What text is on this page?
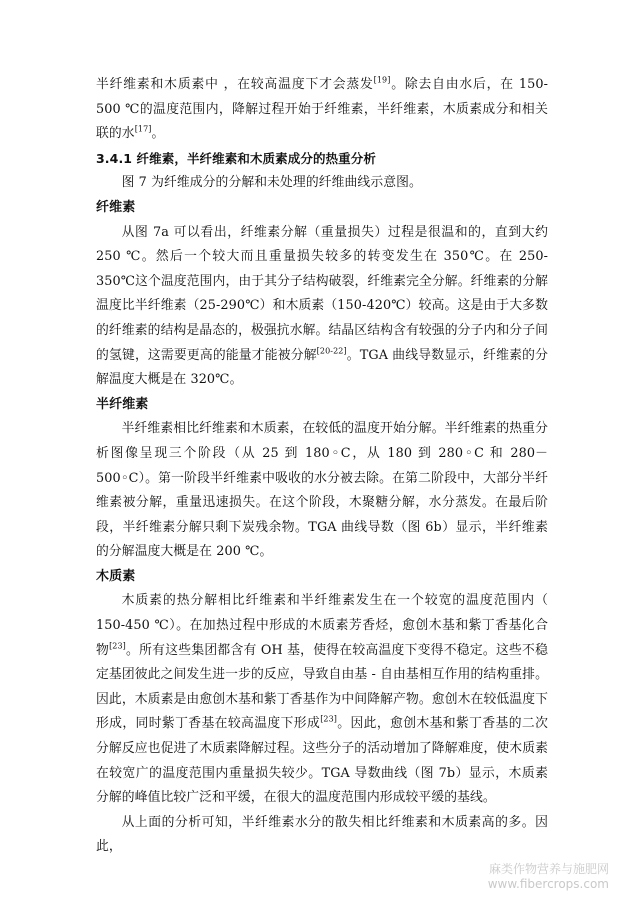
半纤维素和木质素中 ，在较高温度下才会蒸发[19]。除去自由水后，在 150-500 ℃的温度范围内，降解过程开始于纤维素，半纤维素，木质素成分和相关联的水[17]。

3.4.1 纤维素，半纤维素和木质素成分的热重分析

图 7 为纤维成分的分解和未处理的纤维曲线示意图。

纤维素

从图 7a 可以看出，纤维素分解（重量损失）过程是很温和的，直到大约 250 ℃。然后一个较大而且重量损失较多的转变发生在 350℃。在 250-350℃这个温度范围内，由于其分子结构破裂，纤维素完全分解。纤维素的分解温度比半纤维素（25-290℃）和木质素（150-420℃）较高。这是由于大多数的纤维素的结构是晶态的，极强抗水解。结晶区结构含有较强的分子内和分子间的氢键，这需要更高的能量才能被分解[20-22]。TGA 曲线导数显示，纤维素的分解温度大概是在 320℃。

半纤维素

半纤维素相比纤维素和木质素，在较低的温度开始分解。半纤维素的热重分析图像呈现三个阶段（从 25 到 180◦C，从 180 到 280◦C 和 280－500◦C）。第一阶段半纤维素中吸收的水分被去除。在第二阶段中，大部分半纤维素被分解，重量迅速损失。在这个阶段，木聚糖分解，水分蒸发。在最后阶段，半纤维素分解只剩下炭残余物。TGA 曲线导数（图 6b）显示，半纤维素的分解温度大概是在 200 ℃。

木质素

木质素的热分解相比纤维素和半纤维素发生在一个较宽的温度范围内（ 150-450 ℃）。在加热过程中形成的木质素芳香烃，愈创木基和紫丁香基化合物[23]。所有这些集团都含有 OH 基，使得在较高温度下变得不稳定。这些不稳定基团彼此之间发生进一步的反应，导致自由基 - 自由基相互作用的结构重排。因此，木质素是由愈创木基和紫丁香基作为中间降解产物。愈创木在较低温度下形成，同时紫丁香基在较高温度下形成[23]。因此，愈创木基和紫丁香基的二次分解反应也促进了木质素降解过程。这些分子的活动增加了降解难度，使木质素在较宽广的温度范围内重量损失较少。TGA 导数曲线（图 7b）显示，木质素分解的峰值比较广泛和平缓，在很大的温度范围内形成较平缓的基线。

从上面的分析可知，半纤维素水分的散失相比纤维素和木质素高的多。因此，

麻类作物营养与施肥网
www.fibercrops.com
